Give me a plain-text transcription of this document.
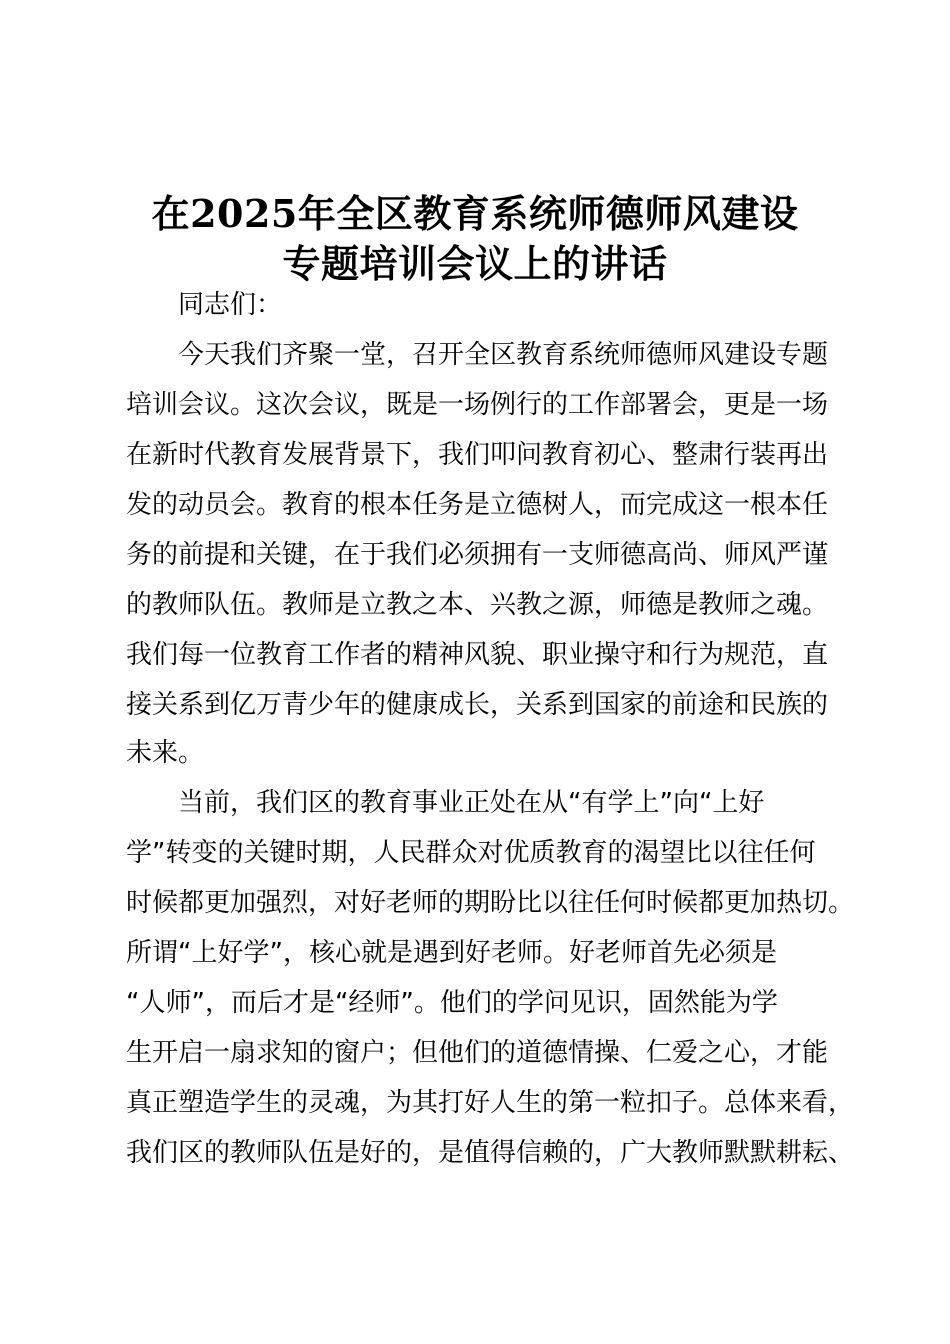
在2025年全区教育系统师德师风建设
专题培训会议上的讲话
同志们：
今天我们齐聚一堂，召开全区教育系统师德师风建设专题
培训会议。这次会议，既是一场例行的工作部署会，更是一场
在新时代教育发展背景下，我们叩问教育初心、整肃行装再出
发的动员会。教育的根本任务是立德树人，而完成这一根本任
务的前提和关键，在于我们必须拥有一支师德高尚、师风严谨
的教师队伍。教师是立教之本、兴教之源，师德是教师之魂。
我们每一位教育工作者的精神风貌、职业操守和行为规范，直
接关系到亿万青少年的健康成长，关系到国家的前途和民族的
未来。
当前，我们区的教育事业正处在从“有学上”向“上好
学”转变的关键时期，人民群众对优质教育的渴望比以往任何
时候都更加强烈，对好老师的期盼比以往任何时候都更加热切。
所谓“上好学”，核心就是遇到好老师。好老师首先必须是
“人师”，而后才是“经师”。他们的学问见识，固然能为学
生开启一扇求知的窗户；但他们的道德情操、仁爱之心，才能
真正塑造学生的灵魂，为其打好人生的第一粒扣子。总体来看，
我们区的教师队伍是好的，是值得信赖的，广大教师默默耕耘、
